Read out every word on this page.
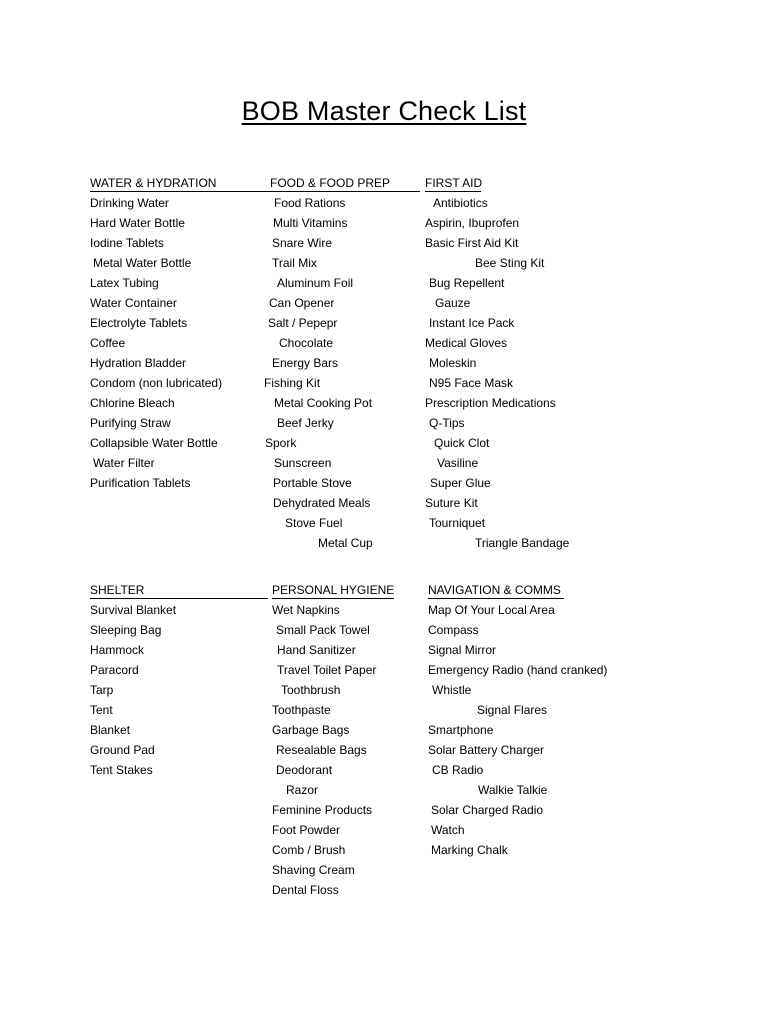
BOB Master Check List
WATER & HYDRATION
Drinking Water
Hard Water Bottle
Iodine Tablets
Metal Water Bottle
Latex Tubing
Water Container
Electrolyte Tablets
Coffee
Hydration Bladder
Condom (non lubricated)
Chlorine Bleach
Purifying Straw
Collapsible Water Bottle
Water Filter
Purification Tablets
FOOD & FOOD PREP
Food Rations
Multi Vitamins
Snare Wire
Trail Mix
Aluminum Foil
Can Opener
Salt / Pepepr
Chocolate
Energy Bars
Fishing Kit
Metal Cooking Pot
Beef Jerky
Spork
Sunscreen
Portable Stove
Dehydrated Meals
Stove Fuel
Metal Cup
FIRST AID
Antibiotics
Aspirin, Ibuprofen
Basic First Aid Kit
Bee Sting Kit
Bug Repellent
Gauze
Instant Ice Pack
Medical Gloves
Moleskin
N95 Face Mask
Prescription Medications
Q-Tips
Quick Clot
Vasiline
Super Glue
Suture Kit
Tourniquet
Triangle Bandage
SHELTER
Survival Blanket
Sleeping Bag
Hammock
Paracord
Tarp
Tent
Blanket
Ground Pad
Tent Stakes
PERSONAL HYGIENE
Wet Napkins
Small Pack Towel
Hand Sanitizer
Travel Toilet Paper
Toothbrush
Toothpaste
Garbage Bags
Resealable Bags
Deodorant
Razor
Feminine Products
Foot Powder
Comb / Brush
Shaving Cream
Dental Floss
NAVIGATION & COMMS
Map Of Your Local Area
Compass
Signal Mirror
Emergency Radio (hand cranked)
Whistle
Signal Flares
Smartphone
Solar Battery Charger
CB Radio
Walkie Talkie
Solar Charged Radio
Watch
Marking Chalk
